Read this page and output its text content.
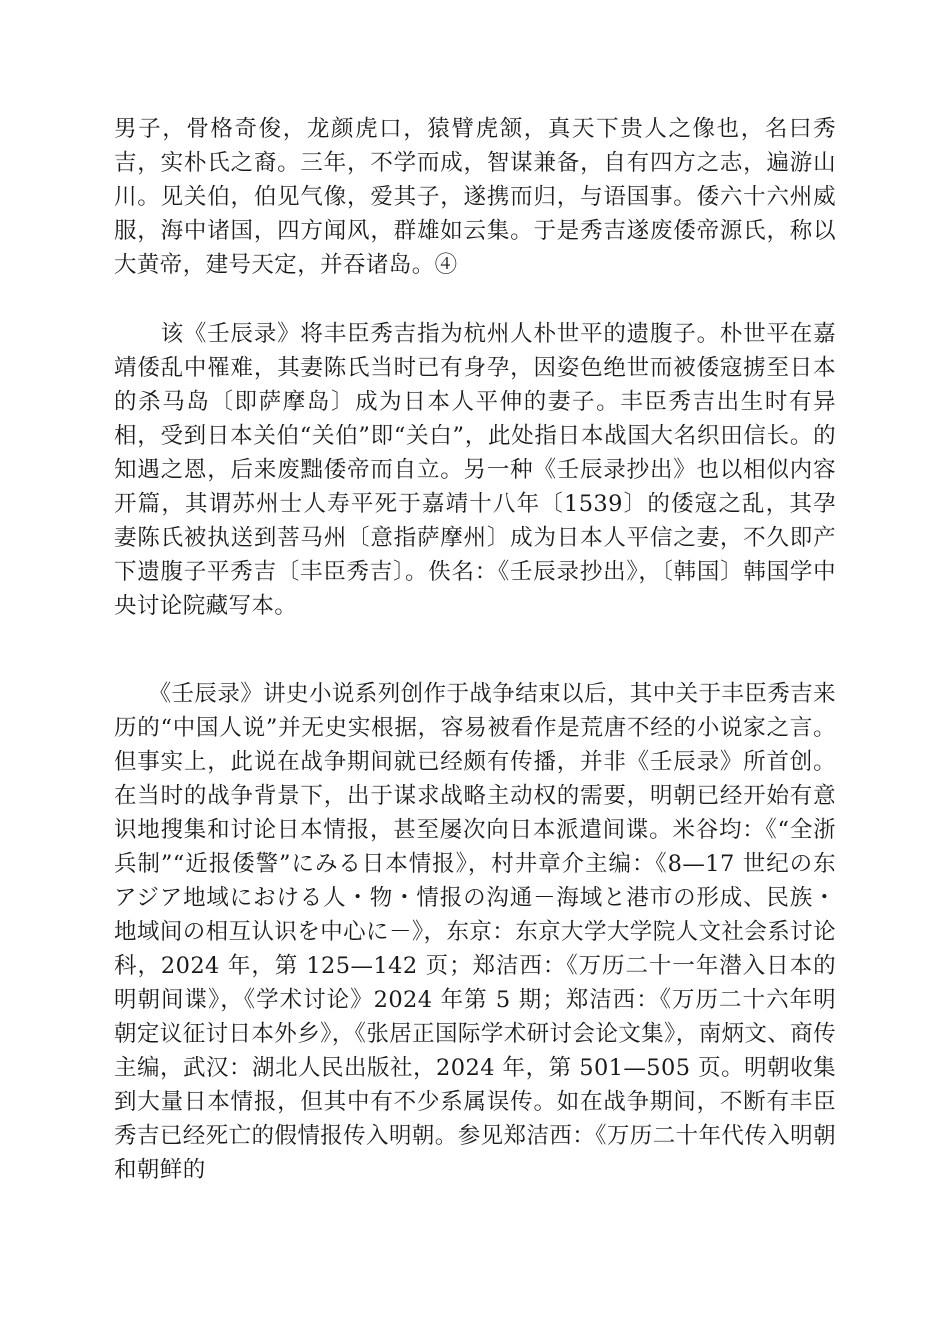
男子，骨格奇俊，龙颜虎口，猿臂虎颔，真天下贵人之像也，名曰秀吉，实朴氏之裔。三年，不学而成，智谋兼备，自有四方之志，遍游山川。见关伯，伯见气像，爱其子，遂携而归，与语国事。倭六十六州威服，海中诸国，四方闻风，群雄如云集。于是秀吉遂废倭帝源氏，称以大黄帝，建号天定，并吞诸岛。④

　　该《壬辰录》将丰臣秀吉指为杭州人朴世平的遗腹子。朴世平在嘉靖倭乱中罹难，其妻陈氏当时已有身孕，因姿色绝世而被倭寇掳至日本的杀马岛〔即萨摩岛〕成为日本人平伸的妻子。丰臣秀吉出生时有异相，受到日本关伯“关伯”即“关白”，此处指日本战国大名织田信长。的知遇之恩，后来废黜倭帝而自立。另一种《壬辰录抄出》也以相似内容开篇，其谓苏州士人寿平死于嘉靖十八年〔1539〕的倭寇之乱，其孕妻陈氏被执送到菩马州〔意指萨摩州〕成为日本人平信之妻，不久即产下遗腹子平秀吉〔丰臣秀吉〕。佚名：《壬辰录抄出》，〔韩国〕韩国学中央讨论院藏写本。

　　《壬辰录》讲史小说系列创作于战争结束以后，其中关于丰臣秀吉来历的“中国人说”并无史实根据，容易被看作是荒唐不经的小说家之言。但事实上，此说在战争期间就已经颇有传播，并非《壬辰录》所首创。在当时的战争背景下，出于谋求战略主动权的需要，明朝已经开始有意识地搜集和讨论日本情报，甚至屡次向日本派遣间谍。米谷均：《“全浙兵制”“近报倭警”にみる日本情报》，村井章介主编：《8—17 世纪の东アジア地域における人・物・情报の沟通－海域と港市の形成、民族・地域间の相互认识を中心に－》，东京：东京大学大学院人文社会系讨论科，2024 年，第 125—142 页；郑洁西：《万历二十一年潜入日本的明朝间谍》，《学术讨论》2024 年第 5 期；郑洁西：《万历二十六年明朝定议征讨日本外乡》，《张居正国际学术研讨会论文集》，南炳文、商传主编，武汉：湖北人民出版社，2024 年，第 501—505 页。明朝收集到大量日本情报，但其中有不少系属误传。如在战争期间，不断有丰臣秀吉已经死亡的假情报传入明朝。参见郑洁西：《万历二十年代传入明朝和朝鲜的
